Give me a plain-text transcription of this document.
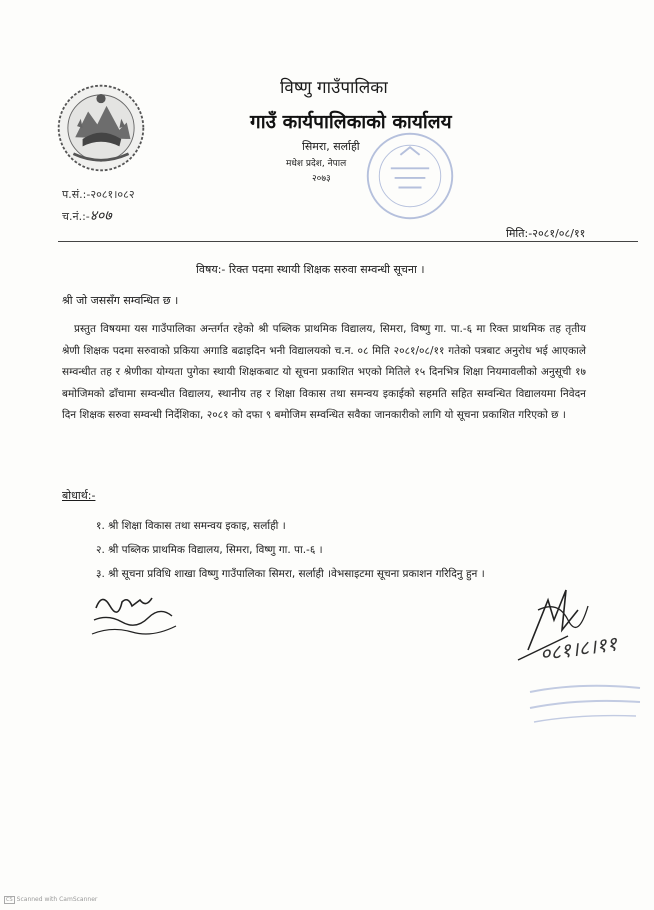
विष्णु गाउँपालिका
गाउँ कार्यपालिकाको कार्यालय
सिमरा, सर्लाही
मधेश प्रदेश, नेपाल
२०७३
प.सं.:-२०८१।०८२
च.नं.:-४०७
मिति:-२०८१/०८/११
विषय:- रिक्त पदमा स्थायी शिक्षक सरुवा सम्वन्धी सूचना ।
श्री जो जससँग सम्वन्धित छ ।
प्रस्तुत विषयमा यस गाउँपालिका अन्तर्गत रहेको श्री पब्लिक प्राथमिक विद्यालय, सिमरा, विष्णु गा. पा.-६ मा रिक्त प्राथमिक तह तृतीय श्रेणी शिक्षक पदमा सरुवाको प्रकिया अगाडि बढाइदिन भनी विद्यालयको च.न. ०८ मिति २०८१/०८/११ गतेको पत्रबाट अनुरोध भई आएकाले सम्वन्धीत तह र श्रेणीका योग्यता पुगेका स्थायी शिक्षकबाट यो सूचना प्रकाशित भएको मितिले १५ दिनभित्र शिक्षा नियमावलीको अनुसूची १७ बमोजिमको ढाँचामा सम्वन्धीत विद्यालय, स्थानीय तह र शिक्षा विकास तथा समन्वय इकाईको सहमति सहित सम्वन्धित विद्यालयमा निवेदन दिन शिक्षक सरुवा सम्वन्धी निर्देशिका, २०८१ को दफा ९ बमोजिम सम्वन्धित सवैका जानकारीको लागि यो सूचना प्रकाशित गरिएको छ ।
बोधार्थ:-
१. श्री शिक्षा विकास तथा समन्वय इकाइ, सर्लाही ।
२. श्री पब्लिक प्राथमिक विद्यालय, सिमरा, विष्णु गा. पा.-६ ।
३. श्री सूचना प्रविधि शाखा विष्णु गाउँपालिका सिमरा, सर्लाही ।वेभसाइटमा सूचना प्रकाशन गरिदिनु हुन ।
०८१।८।११
CS Scanned with CamScanner
